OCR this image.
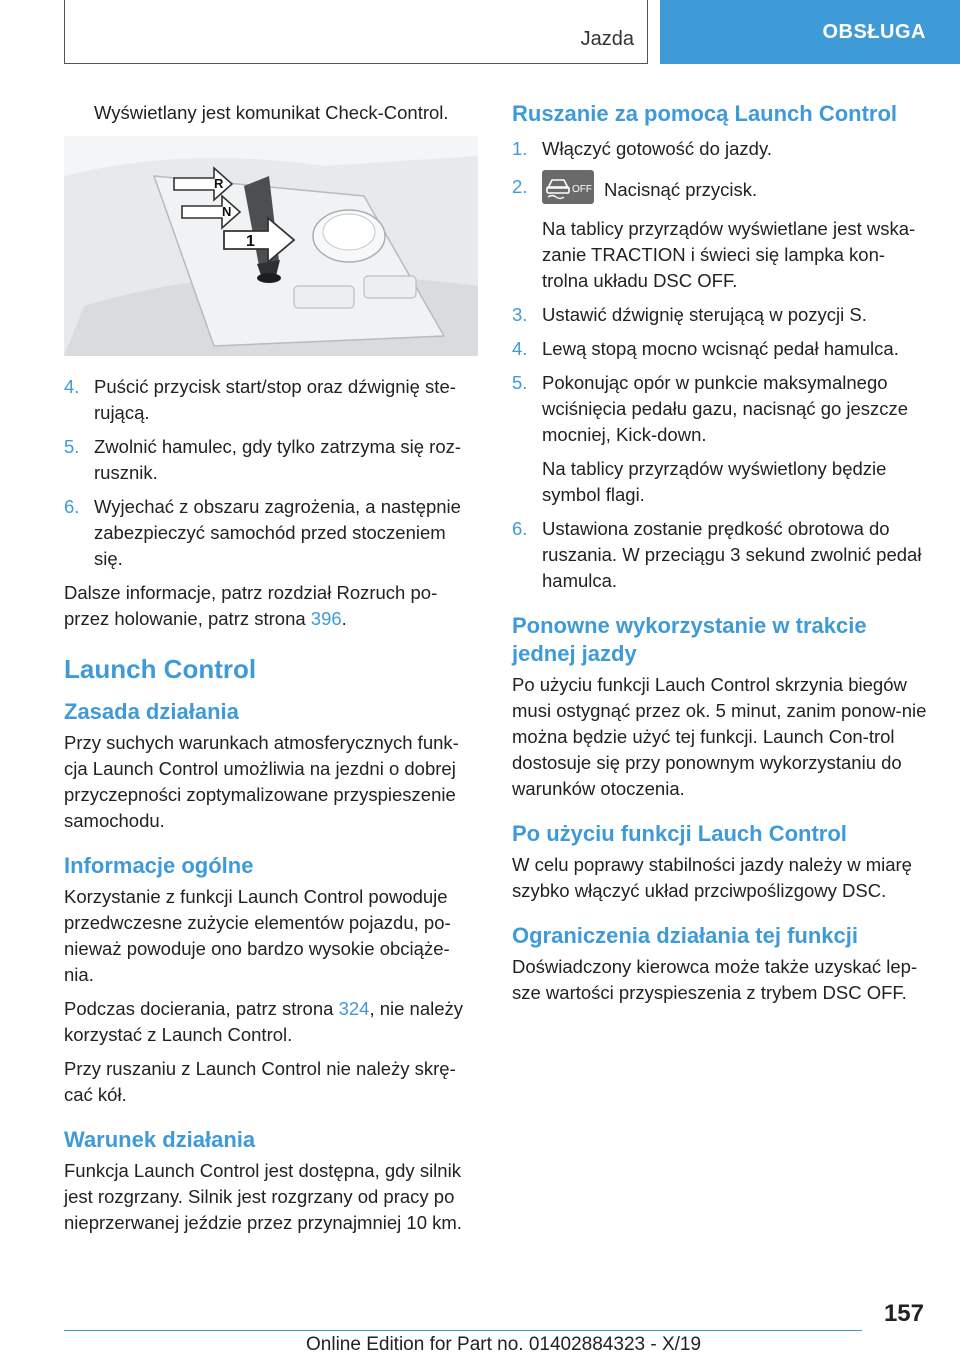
Jazda	OBSŁUGA

Wyświetlany jest komunikat Check-Control.

R
N
1
4. Puścić przycisk start/stop oraz dźwignię ste-rującą.
5. Zwolnić hamulec, gdy tylko zatrzyma się roz-rusznik.
6. Wyjechać z obszaru zagrożenia, a następnie zabezpieczyć samochód przed stoczeniem się.

Dalsze informacje, patrz rozdział Rozruch po-przez holowanie, patrz strona 396.

Launch Control
Zasada działania

Przy suchych warunkach atmosferycznych funk-cja Launch Control umożliwia na jezdni o dobrej przyczepności zoptymalizowane przyspieszenie samochodu.

Informacje ogólne

Korzystanie z funkcji Launch Control powoduje przedwczesne zużycie elementów pojazdu, po-nieważ powoduje ono bardzo wysokie obciąże-nia.

Podczas docierania, patrz strona 324, nie należy korzystać z Launch Control.

Przy ruszaniu z Launch Control nie należy skrę-cać kół.

Warunek działania

Funkcja Launch Control jest dostępna, gdy silnik jest rozgrzany. Silnik jest rozgrzany od pracy po nieprzerwanej jeździe przez przynajmniej 10 km.

Ruszanie za pomocą Launch Control
1. Włączyć gotowość do jazdy.
2.	OFF Nacisnąć przycisk.
Na tablicy przyrządów wyświetlane jest wska-zanie TRACTION i świeci się lampka kon-trolna układu DSC OFF.
3. Ustawić dźwignię sterującą w pozycji S.
4. Lewą stopą mocno wcisnąć pedał hamulca.
5. Pokonując opór w punkcie maksymalnego wciśnięcia pedału gazu, nacisnąć go jeszcze mocniej, Kick-down.
Na tablicy przyrządów wyświetlony będzie symbol flagi.
6. Ustawiona zostanie prędkość obrotowa do ruszania. W przeciągu 3 sekund zwolnić pedał hamulca.
Ponowne wykorzystanie w trakcie jednej jazdy

Po użyciu funkcji Lauch Control skrzynia biegów musi ostygnąć przez ok. 5 minut, zanim ponow-nie można będzie użyć tej funkcji. Launch Con-trol dostosuje się przy ponownym wykorzystaniu do warunków otoczenia.

Po użyciu funkcji Lauch Control

W celu poprawy stabilności jazdy należy w miarę szybko włączyć układ przciwpoślizgowy DSC.

Ograniczenia działania tej funkcji

Doświadczony kierowca może także uzyskać lep-sze wartości przyspieszenia z trybem DSC OFF.

157
Online Edition for Part no. 01402884323 - X/19
